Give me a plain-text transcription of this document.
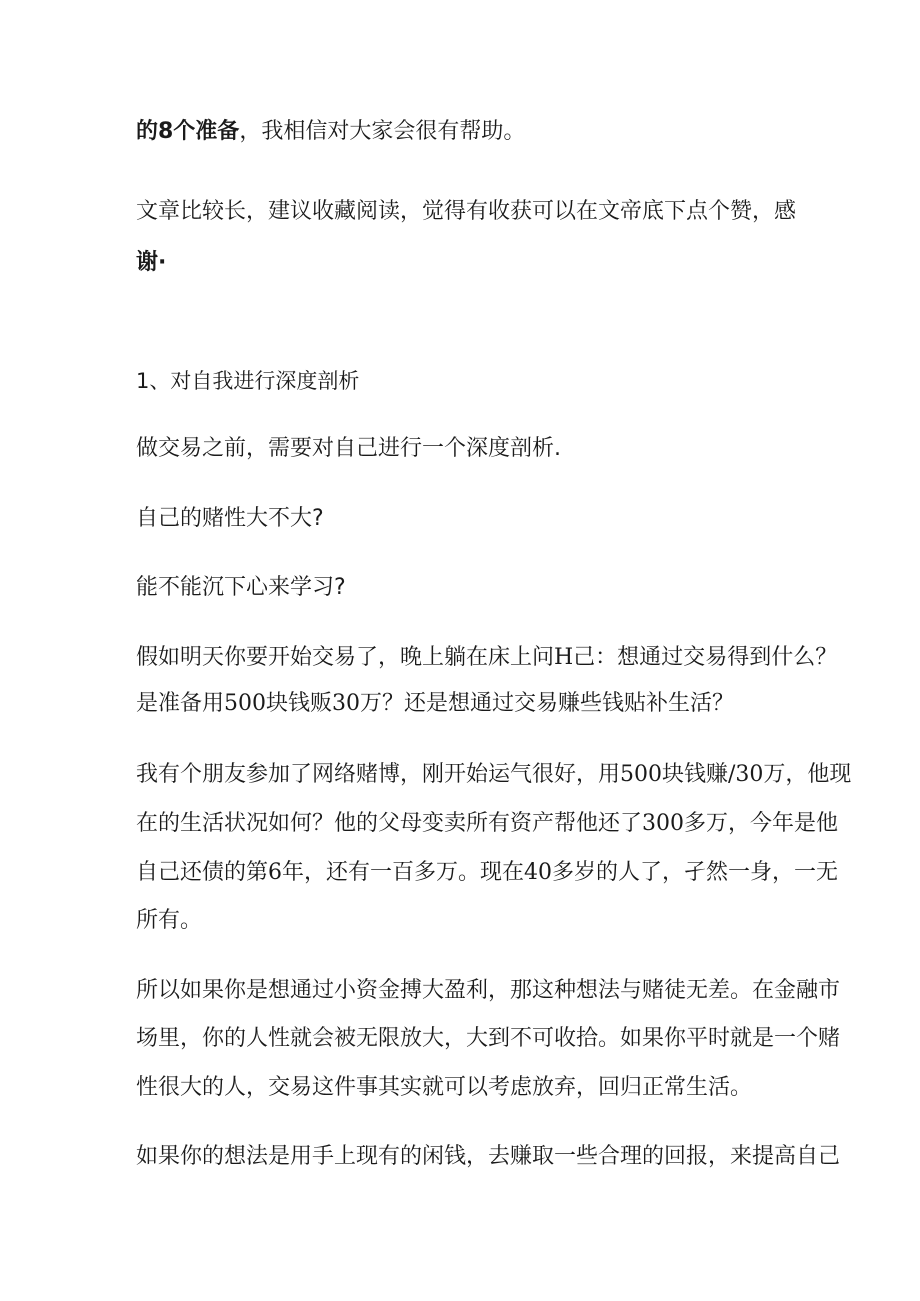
的8个准备，我相信对大家会很有帮助。
文章比较长，建议收藏阅读，觉得有收获可以在文帝底下点个赞，感
谢·
1、对自我进行深度剖析
做交易之前，需要对自己进行一个深度剖析.
自己的赌性大不大?
能不能沉下心来学习?
假如明天你要开始交易了，晚上躺在床上问H己：想通过交易得到什么？
是准备用500块钱贩30万？还是想通过交易赚些钱贴补生活？
我有个朋友参加了网络赌博，刚开始运气很好，用500块钱赚/30万，他现
在的生活状况如何？他的父母变卖所有资产帮他还了300多万，今年是他
自己还债的第6年，还有一百多万。现在40多岁的人了，孑然一身，一无
所有。
所以如果你是想通过小资金搏大盈利，那这种想法与赌徒无差。在金融市
场里，你的人性就会被无限放大，大到不可收拾。如果你平时就是一个赌
性很大的人，交易这件事其实就可以考虑放弃，回归正常生活。
如果你的想法是用手上现有的闲钱，去赚取一些合理的回报，来提高自己
